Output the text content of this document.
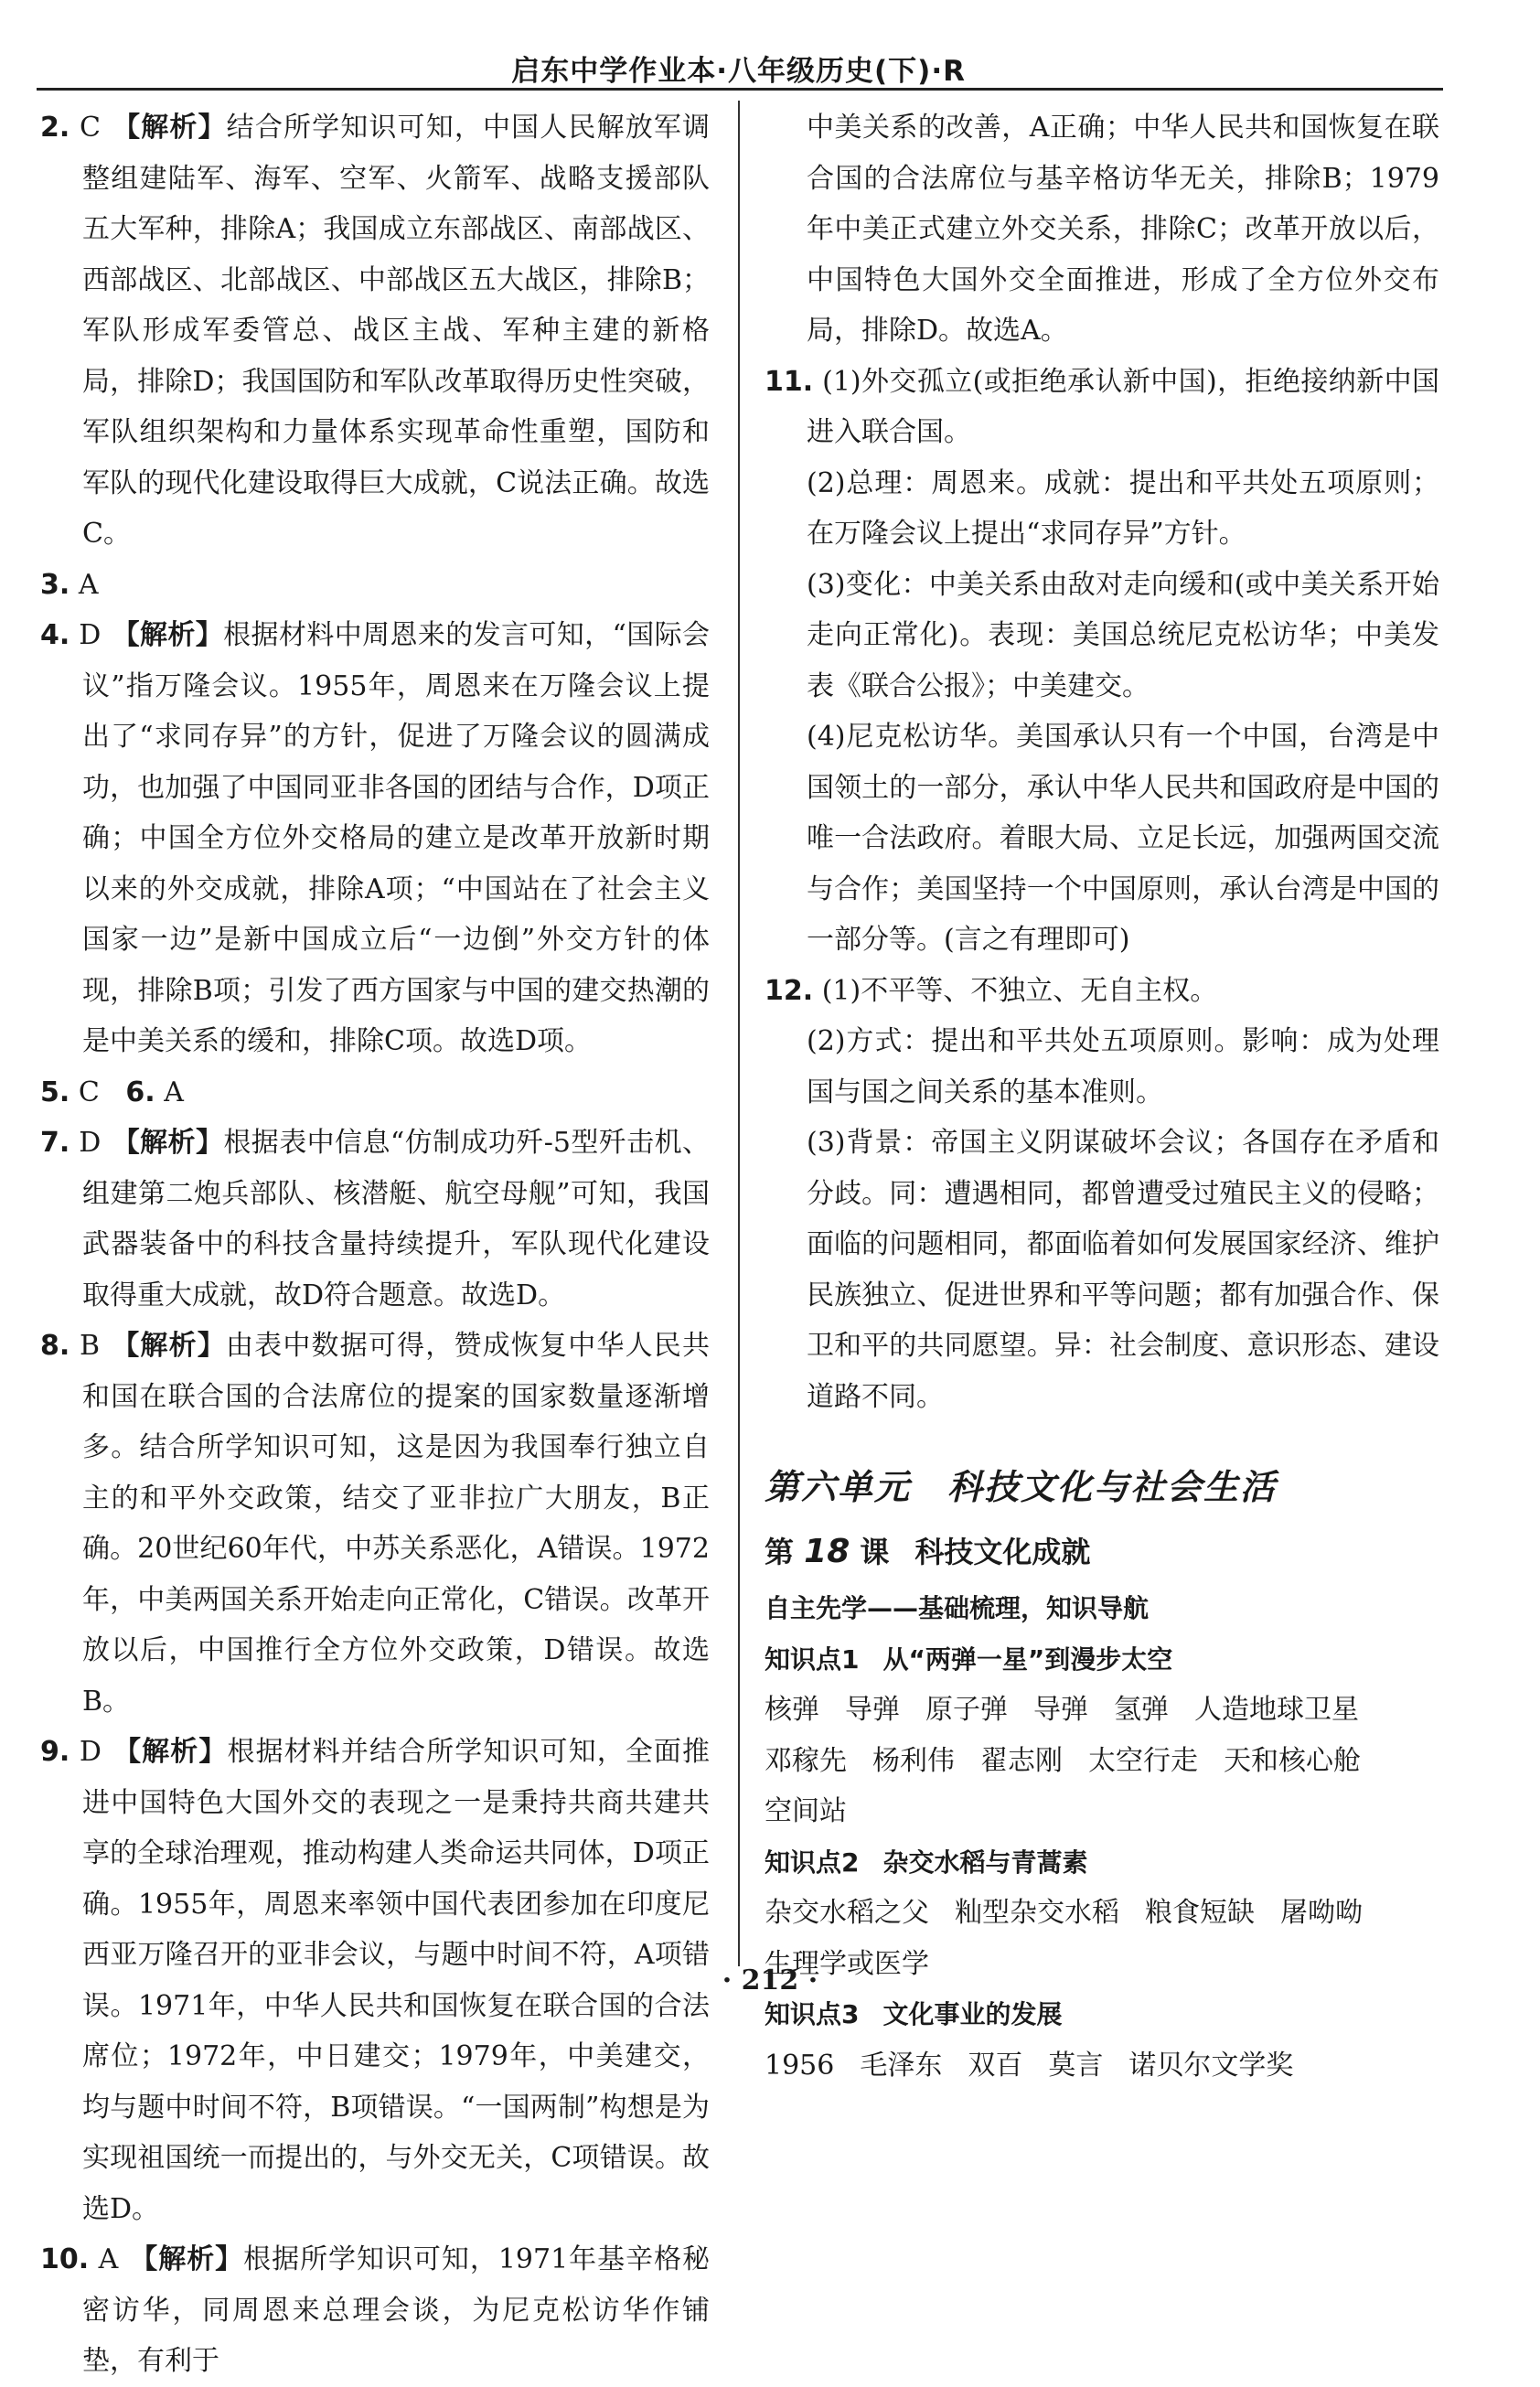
启东中学作业本·八年级历史(下)·R

2. C 【解析】结合所学知识可知，中国人民解放军调整组建陆军、海军、空军、火箭军、战略支援部队五大军种，排除A；我国成立东部战区、南部战区、西部战区、北部战区、中部战区五大战区，排除B；军队形成军委管总、战区主战、军种主建的新格局，排除D；我国国防和军队改革取得历史性突破，军队组织架构和力量体系实现革命性重塑，国防和军队的现代化建设取得巨大成就，C说法正确。故选C。

3. A

4. D 【解析】根据材料中周恩来的发言可知，“国际会议”指万隆会议。1955年，周恩来在万隆会议上提出了“求同存异”的方针，促进了万隆会议的圆满成功，也加强了中国同亚非各国的团结与合作，D项正确；中国全方位外交格局的建立是改革开放新时期以来的外交成就，排除A项；“中国站在了社会主义国家一边”是新中国成立后“一边倒”外交方针的体现，排除B项；引发了西方国家与中国的建交热潮的是中美关系的缓和，排除C项。故选D项。

5. C 6. A

7. D 【解析】根据表中信息“仿制成功歼-5型歼击机、组建第二炮兵部队、核潜艇、航空母舰”可知，我国武器装备中的科技含量持续提升，军队现代化建设取得重大成就，故D符合题意。故选D。

8. B 【解析】由表中数据可得，赞成恢复中华人民共和国在联合国的合法席位的提案的国家数量逐渐增多。结合所学知识可知，这是因为我国奉行独立自主的和平外交政策，结交了亚非拉广大朋友，B正确。20世纪60年代，中苏关系恶化，A错误。1972年，中美两国关系开始走向正常化，C错误。改革开放以后，中国推行全方位外交政策，D错误。故选B。

9. D 【解析】根据材料并结合所学知识可知，全面推进中国特色大国外交的表现之一是秉持共商共建共享的全球治理观，推动构建人类命运共同体，D项正确。1955年，周恩来率领中国代表团参加在印度尼西亚万隆召开的亚非会议，与题中时间不符，A项错误。1971年，中华人民共和国恢复在联合国的合法席位；1972年，中日建交；1979年，中美建交，均与题中时间不符，B项错误。“一国两制”构想是为实现祖国统一而提出的，与外交无关，C项错误。故选D。

10. A 【解析】根据所学知识可知，1971年基辛格秘密访华，同周恩来总理会谈，为尼克松访华作铺垫，有利于

中美关系的改善，A正确；中华人民共和国恢复在联合国的合法席位与基辛格访华无关，排除B；1979年中美正式建立外交关系，排除C；改革开放以后，中国特色大国外交全面推进，形成了全方位外交布局，排除D。故选A。

11. (1)外交孤立(或拒绝承认新中国)，拒绝接纳新中国进入联合国。

(2)总理：周恩来。成就：提出和平共处五项原则；在万隆会议上提出“求同存异”方针。

(3)变化：中美关系由敌对走向缓和(或中美关系开始走向正常化)。表现：美国总统尼克松访华；中美发表《联合公报》；中美建交。

(4)尼克松访华。美国承认只有一个中国，台湾是中国领土的一部分，承认中华人民共和国政府是中国的唯一合法政府。着眼大局、立足长远，加强两国交流与合作；美国坚持一个中国原则，承认台湾是中国的一部分等。(言之有理即可)

12. (1)不平等、不独立、无自主权。

(2)方式：提出和平共处五项原则。影响：成为处理国与国之间关系的基本准则。

(3)背景：帝国主义阴谋破坏会议；各国存在矛盾和分歧。同：遭遇相同，都曾遭受过殖民主义的侵略；面临的问题相同，都面临着如何发展国家经济、维护民族独立、促进世界和平等问题；都有加强合作、保卫和平的共同愿望。异：社会制度、意识形态、建设道路不同。

第六单元 科技文化与社会生活
第 18 课 科技文化成就

自主先学——基础梳理，知识导航

知识点1 从“两弹一星”到漫步太空

核弹 导弹 原子弹 导弹 氢弹 人造地球卫星

邓稼先 杨利伟 翟志刚 太空行走 天和核心舱空间站

知识点2 杂交水稻与青蒿素

杂交水稻之父 籼型杂交水稻 粮食短缺 屠呦呦

生理学或医学

知识点3 文化事业的发展

1956 毛泽东 双百 莫言 诺贝尔文学奖

· 212 ·
